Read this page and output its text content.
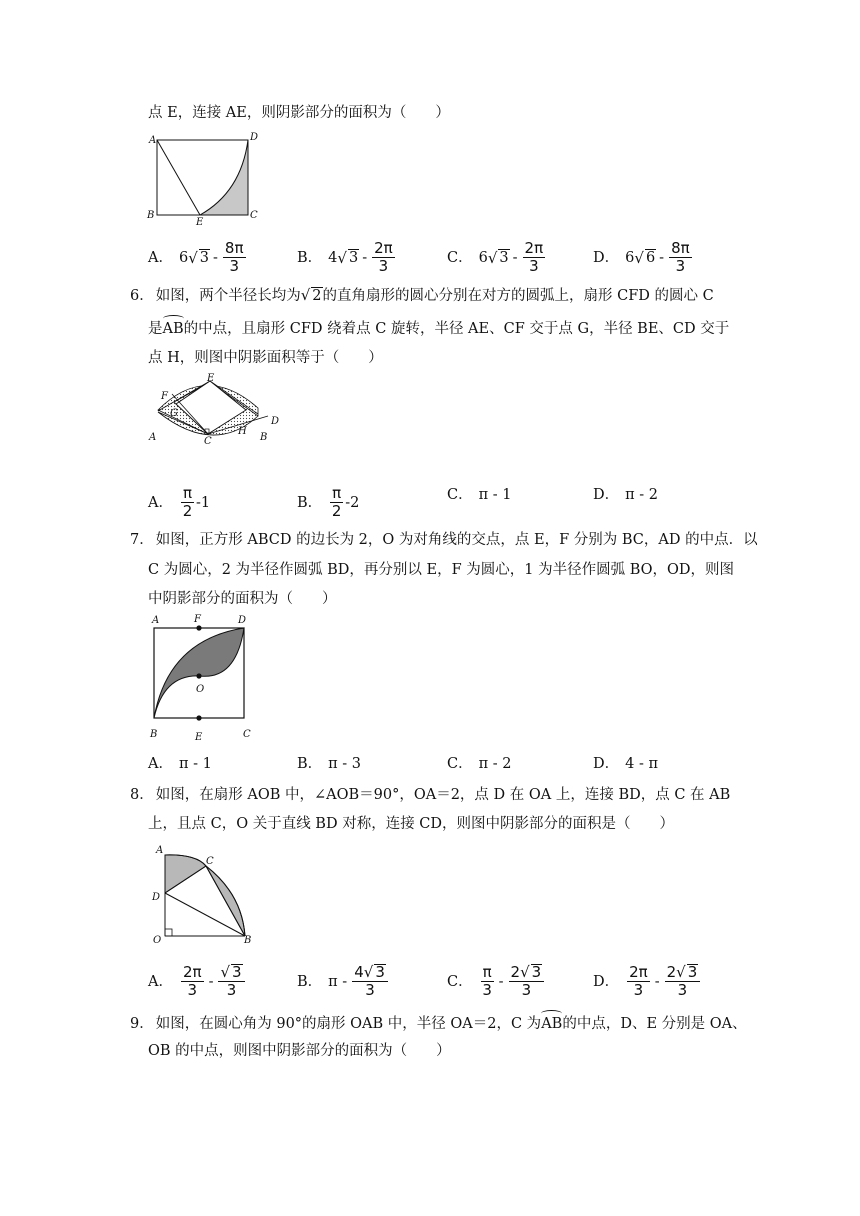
点 E，连接 AE，则阴影部分的面积为（　　）
A	D
B
E
C
A． 6 √ $3 - \frac{8\pi}{3}$	B． 4 √ $3 - \frac{2\pi}{3}$	C． 6 √ $3 - \frac{2\pi}{3}$	D． 6 √ $6 - \frac{8\pi}{3}$
6． 如图，两个半径长均为√ 2的直角扇形的圆心分别在对方的圆弧上，扇形 CFD 的圆心 C
是AB的中点，且扇形 CFD 绕着点 C 旋转，半径 AE、CF 交于点 G，半径 BE、CD 交于
点 H，则图中阴影面积等于（　　）
E
F
G
A
D
H
B
C
A． $\frac{\pi}{2} -1$	B． $\frac{\pi}{2} -2$	C． π - 1	D． π - 2
7． 如图，正方形 ABCD 的边长为 2，O 为对角线的交点，点 E，F 分别为 BC，AD 的中点．以
C 为圆心，2 为半径作圆弧 BD，再分别以 E，F 为圆心，1 为半径作圆弧 BO，OD，则图
中阴影部分的面积为（　　）
A	F	D
O
B	E	C
A． π - 1	B． π - 3	C． π - 2	D． 4 - π
8． 如图，在扇形 AOB 中，∠AOB＝90°，OA＝2，点 D 在 OA 上，连接 BD，点 C 在 AB
上，且点 C，O 关于直线 BD 对称，连接 CD，则图中阴影部分的面积是（　　）
A
C
D
O	B
A． $\frac{2\pi}{3} - \frac{√ 3}{3}$	B． π - $\frac{4√ 3}{3}$	C． $\frac{\pi}{3} - \frac{2√ 3}{3}$	D． $\frac{2\pi}{3} - \frac{2√ 3}{3}$
9． 如图，在圆心角为 90°的扇形 OAB 中，半径 OA＝2，C 为AB的中点，D、E 分别是 OA、
OB 的中点，则图中阴影部分的面积为（　　）
